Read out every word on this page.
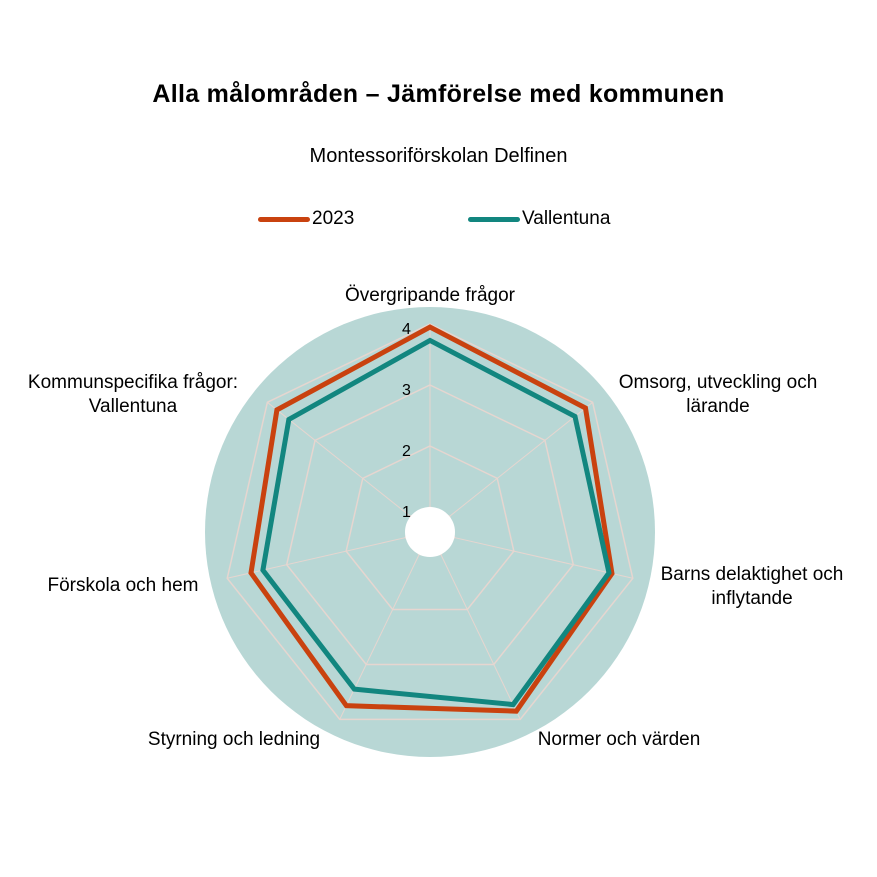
Alla målområden – Jämförelse med kommunen
Montessoriförskolan Delfinen
2023	Vallentuna
1
2
3
4
Övergripande frågor
Omsorg, utveckling och lärande
Barns delaktighet och inflytande
Normer och värden
Styrning och ledning
Förskola och hem
Kommunspecifika frågor: Vallentuna
